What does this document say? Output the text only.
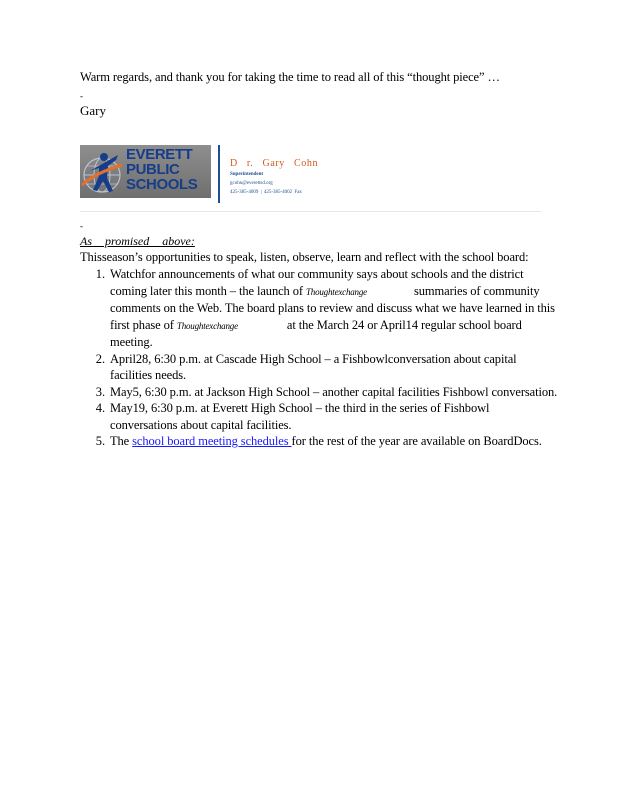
Warm regards, and thank you for taking the time to read all of this “thought piece” …
-
Gary
EVERETT
PUBLIC
SCHOOLS
D r. Gary Cohn
Superintendent
gcohn@everettsd.org
425-385-4009 | 425-385-4002 Fax
-
As promised above:
Thisseason’s opportunities to speak, listen, observe, learn and reflect with the school board:
1. Watchfor announcements of what our community says about schools and the district coming later this month – the launch of Thoughtexchange	summaries of community comments on the Web. The board plans to review and discuss what we have learned in this first phase of Thoughtexchange	at the March 24 or April14 regular school board meeting.
2. April28, 6:30 p.m. at Cascade High School – a Fishbowlconversation about capital facilities needs.
3. May5, 6:30 p.m. at Jackson High School – another capital facilities Fishbowl conversation.
4. May19, 6:30 p.m. at Everett High School – the third in the series of Fishbowl conversations about capital facilities.
5. The school board meeting schedules for the rest of the year are available on BoardDocs.
